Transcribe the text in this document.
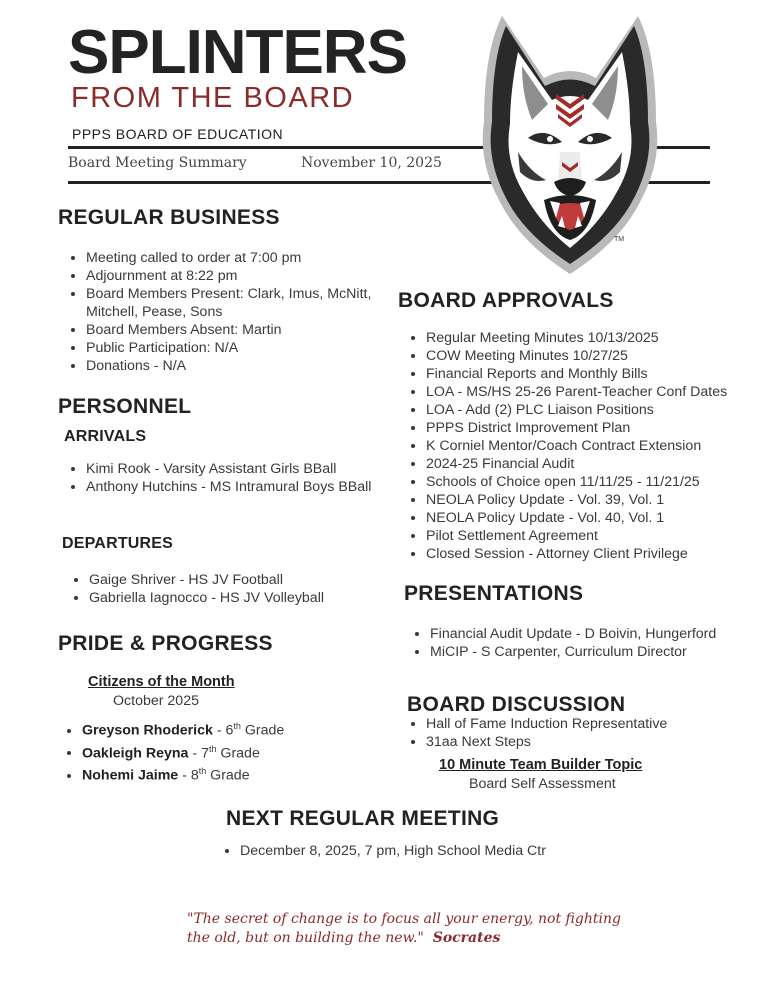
SPLINTERS
FROM THE BOARD
PPPS BOARD OF EDUCATION
Board Meeting Summary	November 10, 2025
TM
REGULAR BUSINESS
• Meeting called to order at 7:00 pm
• Adjournment at 8:22 pm
• Board Members Present: Clark, Imus, McNitt, Mitchell, Pease, Sons
• Board Members Absent: Martin
• Public Participation: N/A
• Donations - N/A
PERSONNEL
ARRIVALS
• Kimi Rook - Varsity Assistant Girls BBall
• Anthony Hutchins - MS Intramural Boys BBall
DEPARTURES
• Gaige Shriver - HS JV Football
• Gabriella Iagnocco - HS JV Volleyball
PRIDE & PROGRESS
Citizens of the Month
October 2025
• Greyson Rhoderick - 6th Grade
• Oakleigh Reyna - 7th Grade
• Nohemi Jaime - 8th Grade
BOARD APPROVALS
• Regular Meeting Minutes 10/13/2025
• COW Meeting Minutes 10/27/25
• Financial Reports and Monthly Bills
• LOA - MS/HS 25-26 Parent-Teacher Conf Dates
• LOA - Add (2) PLC Liaison Positions
• PPPS District Improvement Plan
• K Corniel Mentor/Coach Contract Extension
• 2024-25 Financial Audit
• Schools of Choice open 11/11/25 - 11/21/25
• NEOLA Policy Update - Vol. 39, Vol. 1
• NEOLA Policy Update - Vol. 40, Vol. 1
• Pilot Settlement Agreement
• Closed Session - Attorney Client Privilege
PRESENTATIONS
• Financial Audit Update - D Boivin, Hungerford
• MiCIP - S Carpenter, Curriculum Director
BOARD DISCUSSION
• Hall of Fame Induction Representative
• 31aa Next Steps
10 Minute Team Builder Topic
Board Self Assessment
NEXT REGULAR MEETING
• December 8, 2025, 7 pm, High School Media Ctr
"The secret of change is to focus all your energy, not fighting the old, but on building the new." Socrates
